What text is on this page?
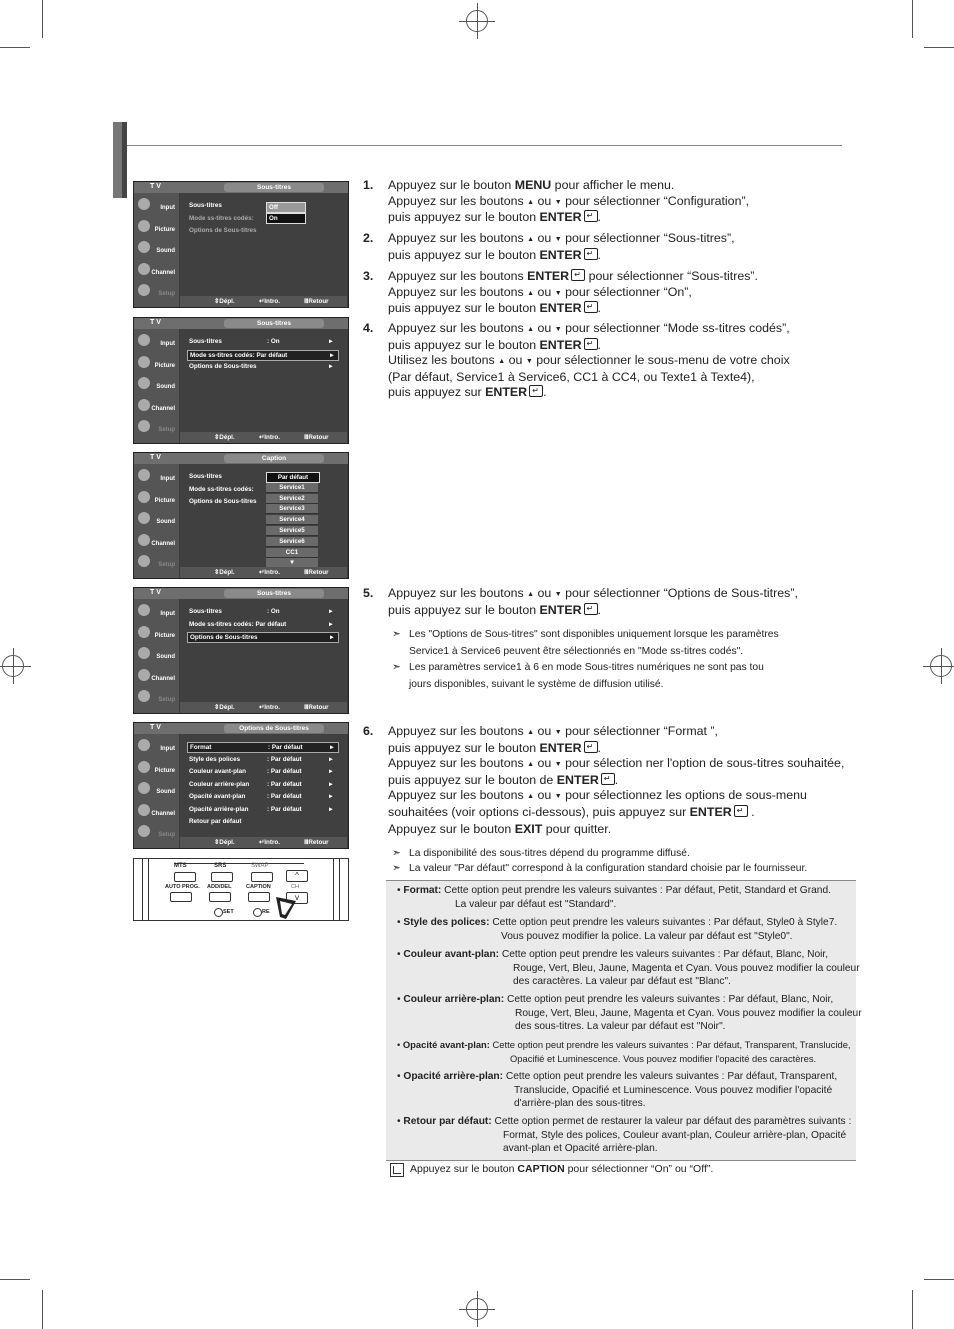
T V	Sous-titres
Input
Picture
Sound
Channel
Setup
Sous-titres
Mode ss-titres codés:
Options de Sous-titres
Off
On
⇕Dépl.	↵Intro.	ⅢRetour
T V	Sous-titres
Input
Picture
Sound
Channel
Setup
Sous-titres	: On	►
Mode ss-titres codés: Par défaut	►
Options de Sous-titres	►
⇕Dépl.	↵Intro.	ⅢRetour
T V	Caption
Input
Picture
Sound
Channel
Setup
Sous-titres
Mode ss-titres codés:
Options de Sous-titres
Par défaut
Service1
Service2
Service3
Service4
Service5
Service6
CC1
▼
⇕Dépl.	↵Intro.	ⅢRetour
T V	Sous-titres
Input
Picture
Sound
Channel
Setup
Sous-titres	: On	►
Mode ss-titres codés: Par défaut	►
Options de Sous-titres	►
⇕Dépl.	↵Intro.	ⅢRetour
T V	Options de Sous-titres
Input
Picture
Sound
Channel
Setup
Format	: Par défaut	►
Style des polices	: Par défaut	►
Couleur avant-plan	: Par défaut	►
Couleur arrière-plan	: Par défaut	►
Opacité avant-plan	: Par défaut	►
Opacité arrière-plan	: Par défaut	►
Retour par défaut
⇕Dépl.	↵Intro.	ⅢRetour
MTS	SRS	SWAP
^
AUTO PROG. ADD/DEL	CAPTION	CH
v
SET	RE
1. Appuyez sur le bouton MENU pour afficher le menu.
Appuyez sur les boutons ▲ ou ▼ pour sélectionner “Configuration”,
puis appuyez sur le bouton ENTER ↵ .
2. Appuyez sur les boutons ▲ ou ▼ pour sélectionner “Sous-titres”,
puis appuyez sur le bouton ENTER ↵ .
3. Appuyez sur les boutons ENTER ↵ pour sélectionner “Sous-titres”.
Appuyez sur les boutons ▲ ou ▼ pour sélectionner “On”,
puis appuyez sur le bouton ENTER ↵ .
4. Appuyez sur les boutons ▲ ou ▼ pour sélectionner “Mode ss-titres codés”,
puis appuyez sur le bouton ENTER ↵ .
Utilisez les boutons ▲ ou ▼ pour sélectionner le sous-menu de votre choix
(Par défaut, Service1 à Service6, CC1 à CC4, ou Texte1 à Texte4),
puis appuyez sur ENTER ↵ .
5. Appuyez sur les boutons ▲ ou ▼ pour sélectionner “Options de Sous-titres”,
puis appuyez sur le bouton ENTER ↵ .
6. Appuyez sur les boutons ▲ ou ▼ pour sélectionner “Format ”,
puis appuyez sur le bouton ENTER ↵ .
Appuyez sur les boutons ▲ ou ▼ pour sélection ner l'option de sous-titres souhaitée,
puis appuyez sur le bouton de ENTER ↵ .
Appuyez sur les boutons ▲ ou ▼ pour sélectionnez les options de sous-menu
souhaitées (voir options ci-dessous), puis appuyez sur ENTER ↵ .
Appuyez sur le bouton EXIT pour quitter.
➣ Les "Options de Sous-titres" sont disponibles uniquement lorsque les paramètres
Service1 à Service6 peuvent être sélectionnés en "Mode ss-titres codés".
➣ Les paramètres service1 à 6 en mode Sous-titres numériques ne sont pas tou
jours disponibles, suivant le système de diffusion utilisé.
➣ La disponibilité des sous-titres dépend du programme diffusé.
➣ La valeur "Par défaut" correspond à la configuration standard choisie par le fournisseur.
• Format: Cette option peut prendre les valeurs suivantes : Par défaut, Petit, Standard et Grand.
La valeur par défaut est "Standard".
• Style des polices: Cette option peut prendre les valeurs suivantes : Par défaut, Style0 à Style7.
Vous pouvez modifier la police. La valeur par défaut est "Style0".
• Couleur avant-plan: Cette option peut prendre les valeurs suivantes : Par défaut, Blanc, Noir,
Rouge, Vert, Bleu, Jaune, Magenta et Cyan. Vous pouvez modifier la couleur
des caractères. La valeur par défaut est "Blanc".
• Couleur arrière-plan: Cette option peut prendre les valeurs suivantes : Par défaut, Blanc, Noir,
Rouge, Vert, Bleu, Jaune, Magenta et Cyan. Vous pouvez modifier la couleur
des sous-titres. La valeur par défaut est "Noir".
• Opacité avant-plan: Cette option peut prendre les valeurs suivantes : Par défaut, Transparent, Translucide,
Opacifié et Luminescence. Vous pouvez modifier l'opacité des caractères.
• Opacité arrière-plan: Cette option peut prendre les valeurs suivantes : Par défaut, Transparent,
Translucide, Opacifié et Luminescence. Vous pouvez modifier l'opacité
d'arrière-plan des sous-titres.
• Retour par défaut: Cette option permet de restaurer la valeur par défaut des paramètres suivants :
Format, Style des polices, Couleur avant-plan, Couleur arrière-plan, Opacité
avant-plan et Opacité arrière-plan.
Appuyez sur le bouton CAPTION pour sélectionner “On” ou “Off”.
